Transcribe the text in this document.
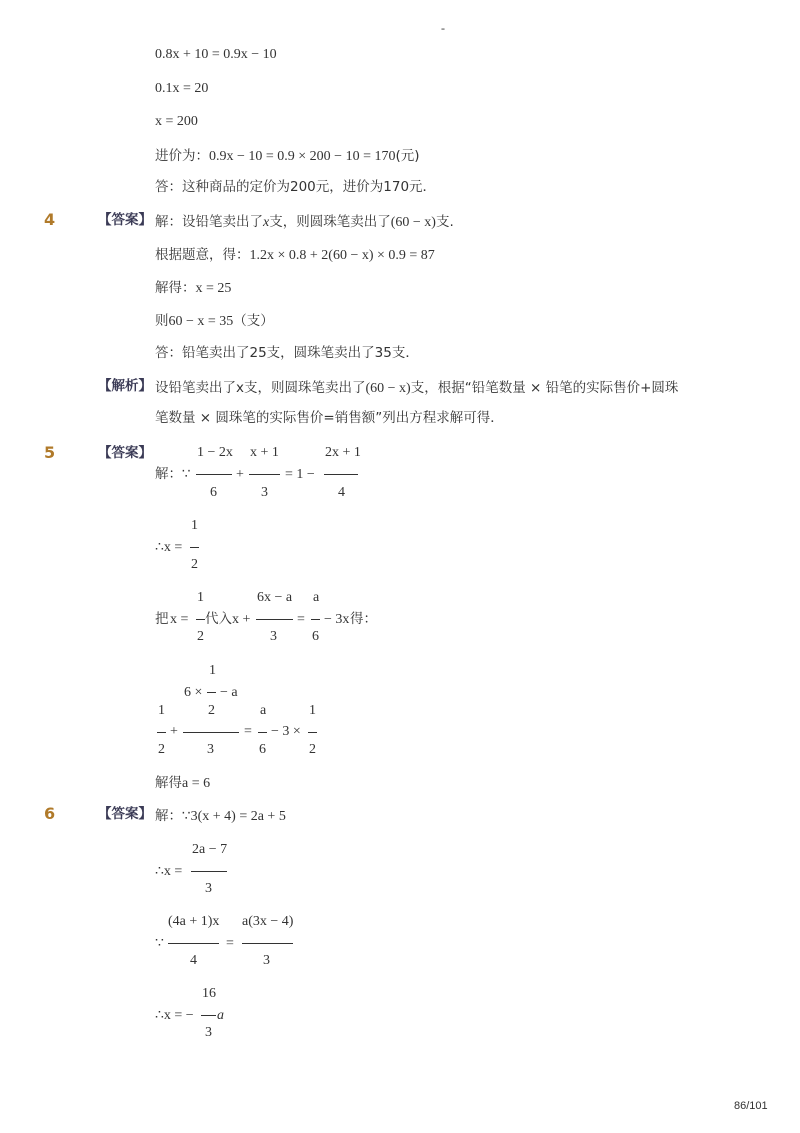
-
0.8x + 10 = 0.9x − 10
0.1x = 20
x = 200
进价为：0.9x − 10 = 0.9 × 200 − 10 = 170(元)
答：这种商品的定价为200元，进价为170元．
4	【答案】 解：设铅笔卖出了x支，则圆珠笔卖出了(60 − x)支.
根据题意，得：1.2x × 0.8 + 2(60 − x) × 0.9 = 87
解得：x = 25
则60 − x = 35（支）
答：铅笔卖出了25支，圆珠笔卖出了35支．
【解析】 设铅笔卖出了x支，则圆珠笔卖出了(60 − x)支，根据“铅笔数量 × 铅笔的实际售价+圆珠
笔数量 × 圆珠笔的实际售价=销售额”列出方程求解可得．
5	【答案】
解：∵
1 − 2x
6
+
x + 1
3
= 1 −
2x + 1
4
∴x =
1
2
把 x =
1
2
代入 x +
6x − a
3
=
a
6
− 3x 得：
1
2
+
1
6 × − a
2
3
=
a
6
− 3 ×
1
2
解得a = 6
6	【答案】 解：∵3(x + 4) = 2a + 5
∴x =
2a − 7
3
∵
(4a + 1)x
4
=
a(3x − 4)
3
∴x = −
16
3
a
86/101
